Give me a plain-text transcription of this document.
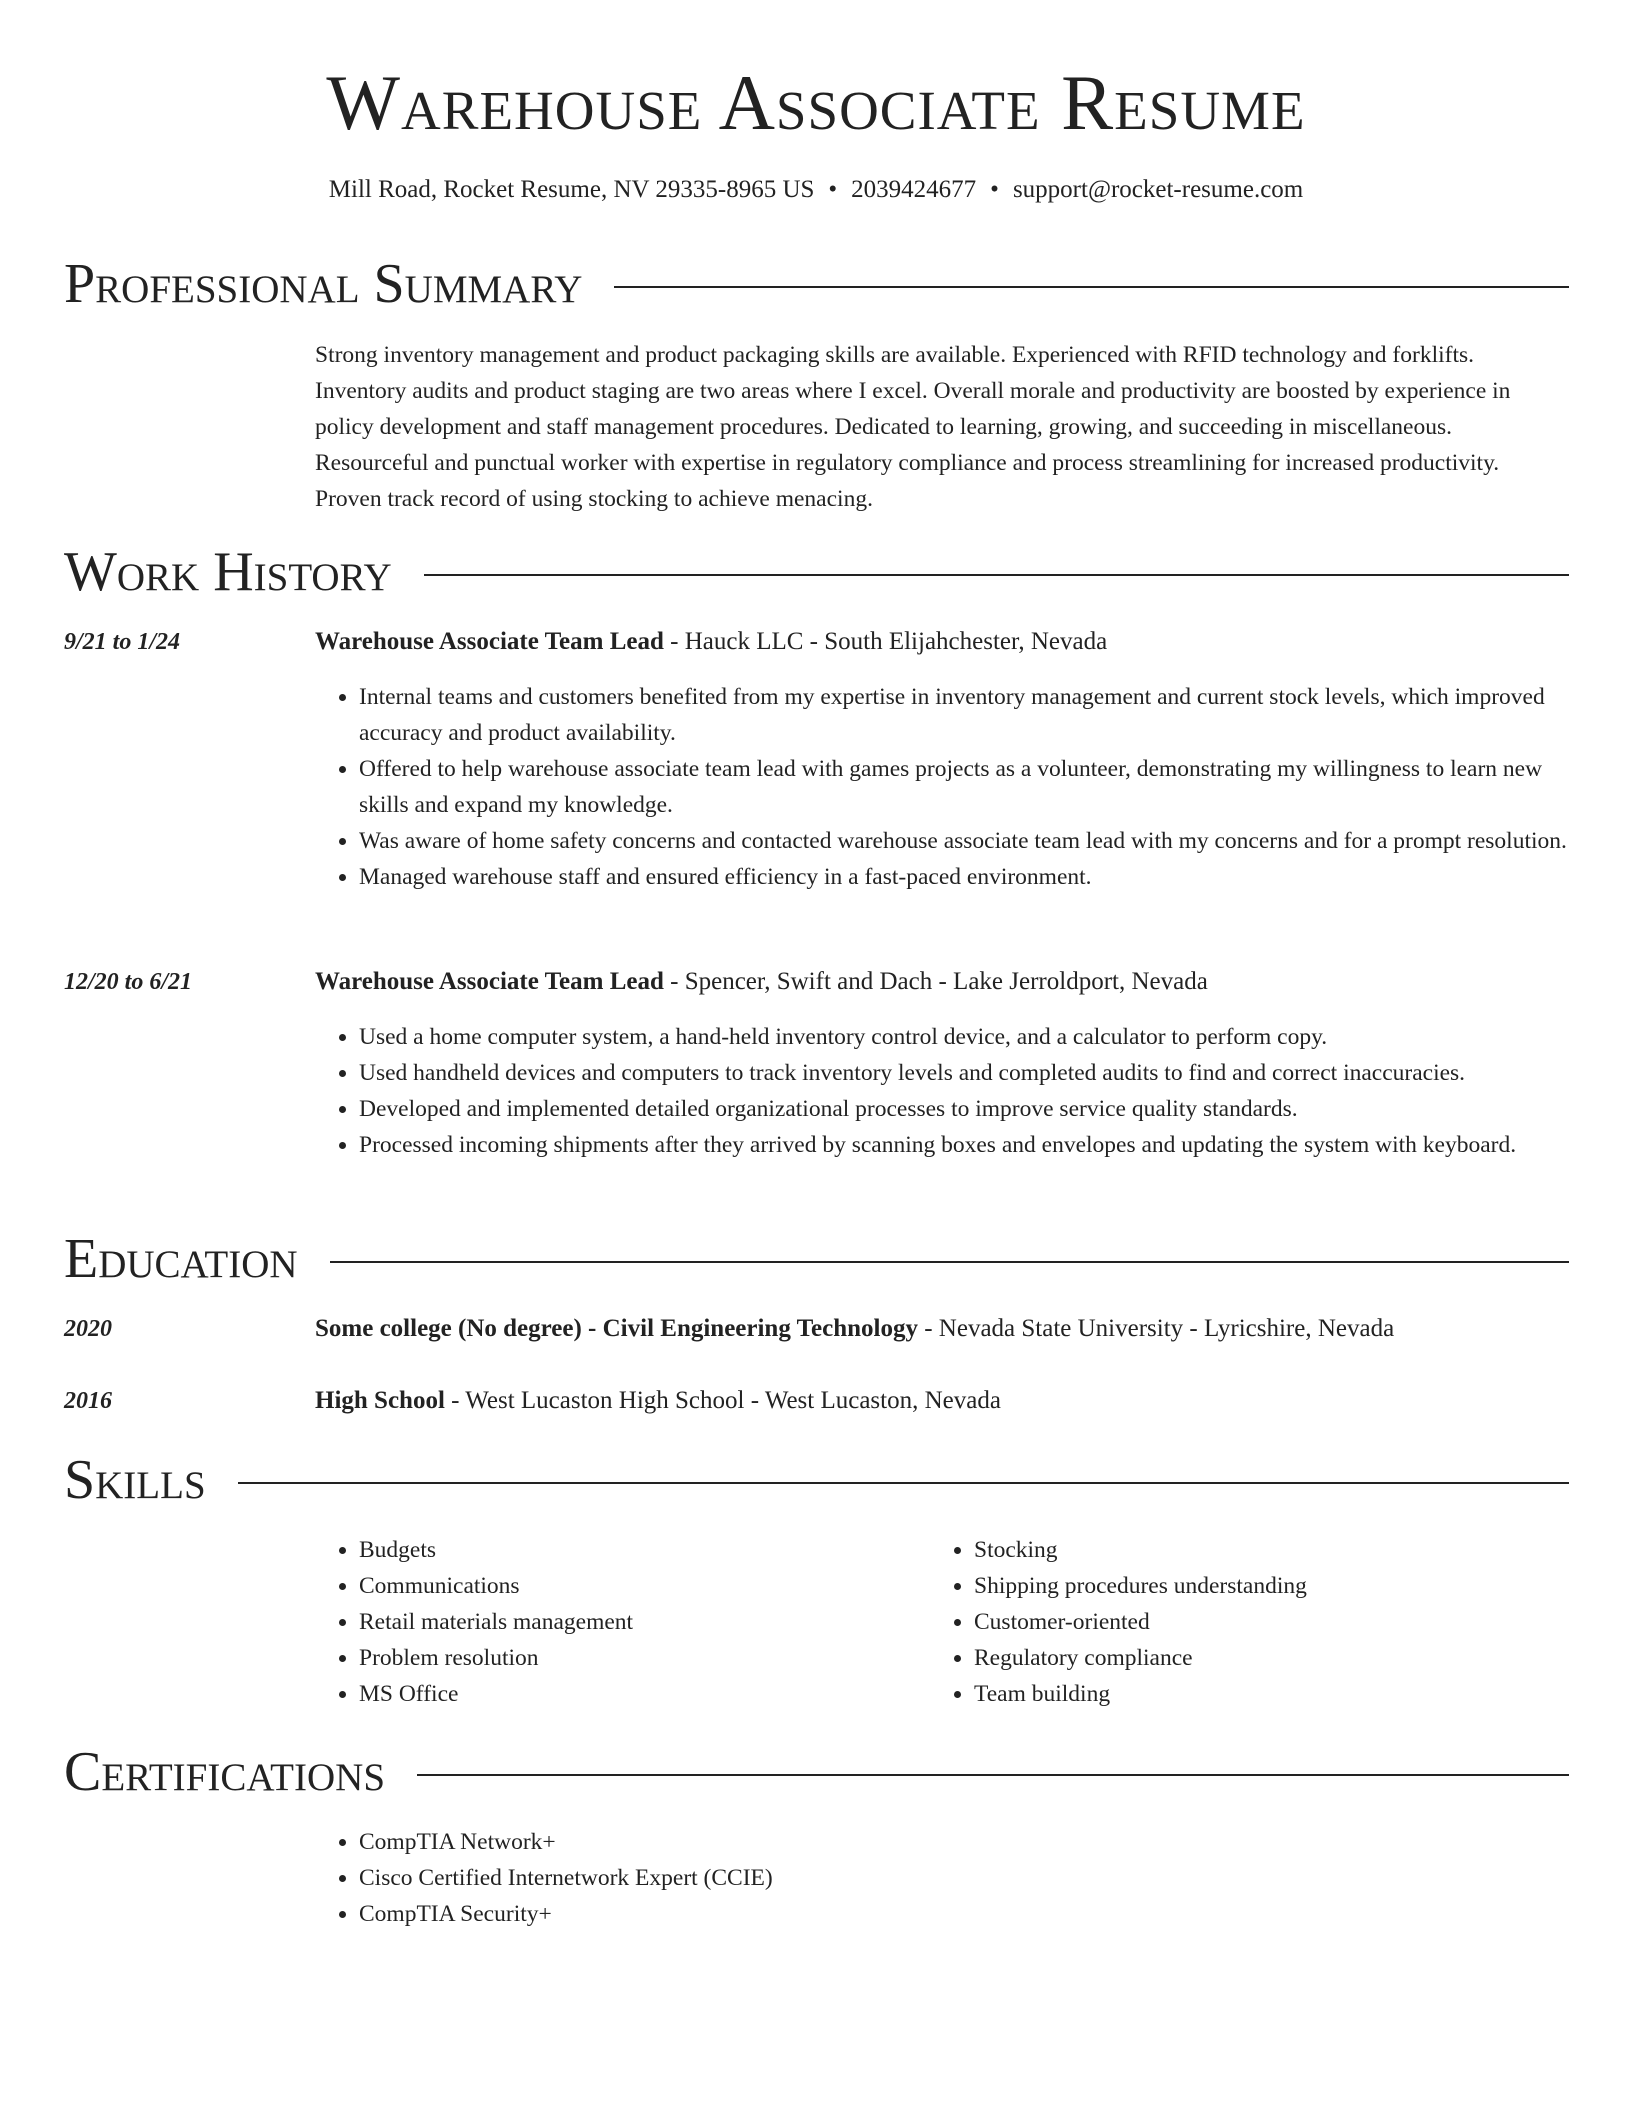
Warehouse Associate Resume
Mill Road, Rocket Resume, NV 29335-8965 US • 2039424677 • support@rocket-resume.com
Professional Summary
Strong inventory management and product packaging skills are available. Experienced with RFID technology and forklifts. Inventory audits and product staging are two areas where I excel. Overall morale and productivity are boosted by experience in policy development and staff management procedures. Dedicated to learning, growing, and succeeding in miscellaneous. Resourceful and punctual worker with expertise in regulatory compliance and process streamlining for increased productivity. Proven track record of using stocking to achieve menacing.
Work History
9/21 to 1/24	Warehouse Associate Team Lead - Hauck LLC - South Elijahchester, Nevada
• Internal teams and customers benefited from my expertise in inventory management and current stock levels, which improved accuracy and product availability.
• Offered to help warehouse associate team lead with games projects as a volunteer, demonstrating my willingness to learn new skills and expand my knowledge.
• Was aware of home safety concerns and contacted warehouse associate team lead with my concerns and for a prompt resolution.
• Managed warehouse staff and ensured efficiency in a fast-paced environment.
12/20 to 6/21	Warehouse Associate Team Lead - Spencer, Swift and Dach - Lake Jerroldport, Nevada
• Used a home computer system, a hand-held inventory control device, and a calculator to perform copy.
• Used handheld devices and computers to track inventory levels and completed audits to find and correct inaccuracies.
• Developed and implemented detailed organizational processes to improve service quality standards.
• Processed incoming shipments after they arrived by scanning boxes and envelopes and updating the system with keyboard.
Education
2020	Some college (No degree) - Civil Engineering Technology - Nevada State University - Lyricshire, Nevada
2016	High School - West Lucaston High School - West Lucaston, Nevada
Skills
• Budgets
• Communications
• Retail materials management
• Problem resolution
• MS Office
• Stocking
• Shipping procedures understanding
• Customer-oriented
• Regulatory compliance
• Team building
Certifications
• CompTIA Network+
• Cisco Certified Internetwork Expert (CCIE)
• CompTIA Security+
